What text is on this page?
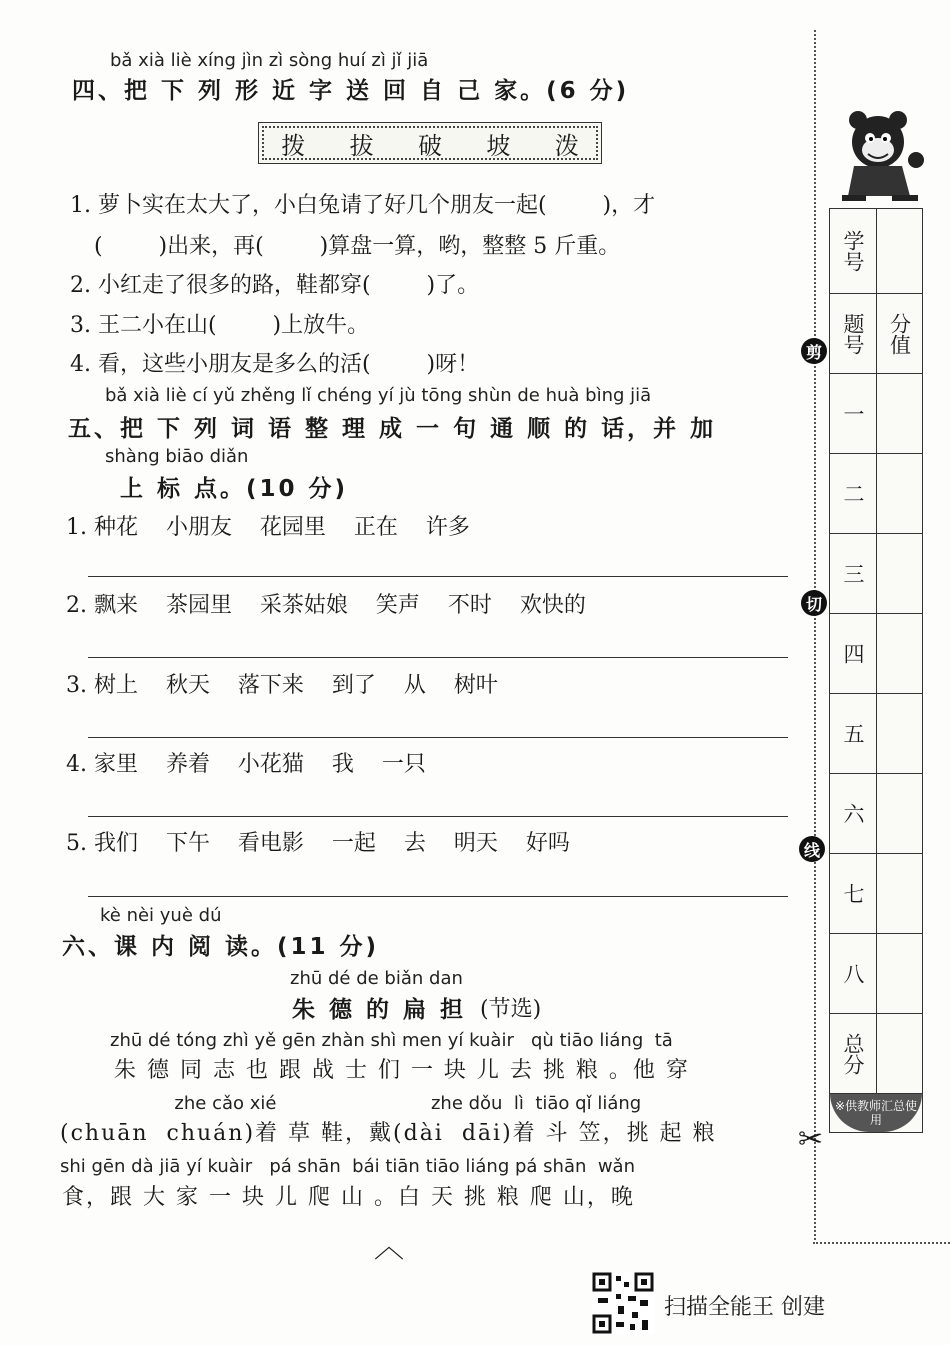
bǎ xià liè xíng jìn zì sòng huí zì jǐ jiā
四、把 下 列 形 近 字 送 回 自 己 家。(6 分)
拨 拔 破 坡 泼
1. 萝卜实在太大了，小白兔请了好几个朋友一起(        )，才
(        )出来，再(        )算盘一算，哟，整整 5 斤重。
2. 小红走了很多的路，鞋都穿(        )了。
3. 王二小在山(        )上放牛。
4. 看，这些小朋友是多么的活(        )呀！
bǎ xià liè cí yǔ zhěng lǐ chéng yí jù tōng shùn de huà bìng jiā
五、把 下 列 词 语 整 理 成 一 句 通 顺 的 话，并 加
shàng biāo diǎn
上 标 点。(10 分)
1. 种花    小朋友    花园里    正在    许多
2. 飘来    茶园里    采茶姑娘    笑声    不时    欢快的
3. 树上    秋天    落下来    到了    从    树叶
4. 家里    养着    小花猫    我    一只
5. 我们    下午    看电影    一起    去    明天    好吗
kè nèi yuè dú
六、课 内 阅 读。(11 分)
zhū dé de biǎn dan
朱 德 的 扁 担 (节选)
zhū dé tóng zhì yě gēn zhàn shì men yí kuàir   qù tiāo liáng  tā
朱 德 同 志 也 跟 战 士 们 一 块 儿 去 挑 粮 。他 穿
zhe cǎo xié                           zhe dǒu  lì  tiāo qǐ liáng
(chuān  chuán)着 草 鞋，戴(dài  dāi)着 斗 笠，挑 起 粮
shi gēn dà jiā yí kuàir   pá shān  bái tiān tiāo liáng pá shān  wǎn
食，跟 大 家 一 块 儿 爬 山 。白 天 挑 粮 爬 山，晚
︿
剪
切
线
学号
题号	分值
一
二
三
四
五
六
七
八
总分
※供教师汇总使用
✂
扫描全能王 创建
